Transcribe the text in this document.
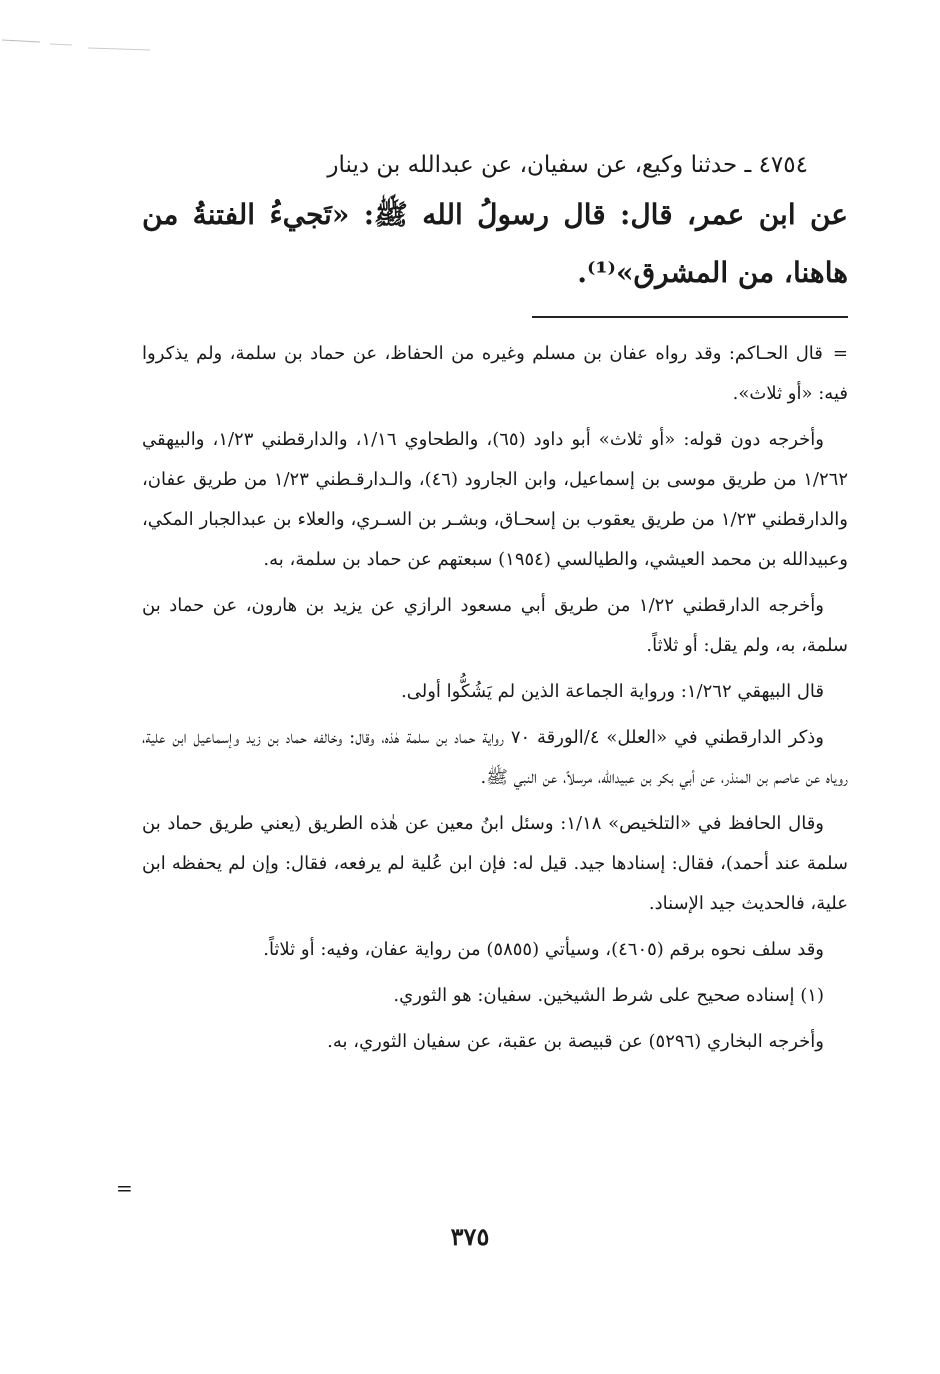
٤٧٥٤ ـ حدثنا وكيع، عن سفيان، عن عبدالله بن دينار

عن ابن عمر، قال: قال رسولُ الله ﷺ: «تَجيءُ الفتنةُ من هاهنا، من المشرق»⁽¹⁾.

=قال الحـاكم: وقد رواه عفان بن مسلم وغيره من الحفاظ، عن حماد بن سلمة، ولم يذكروا فيه: «أو ثلاث».

وأخرجه دون قوله: «أو ثلاث» أبو داود (٦٥)، والطحاوي ١/١٦، والدارقطني ١/٢٣، والبيهقي ١/٢٦٢ من طريق موسى بن إسماعيل، وابن الجارود (٤٦)، والـدارقـطني ١/٢٣ من طريق عفان، والدارقطني ١/٢٣ من طريق يعقوب بن إسحـاق، وبشـر بن السـري، والعلاء بن عبدالجبار المكي، وعبيدالله بن محمد العيشي، والطيالسي (١٩٥٤) سبعتهم عن حماد بن سلمة، به.

وأخرجه الدارقطني ١/٢٢ من طريق أبي مسعود الرازي عن يزيد بن هارون، عن حماد بن سلمة، به، ولم يقل: أو ثلاثاً.

قال البيهقي ١/٢٦٢: ورواية الجماعة الذين لم يَشُكُّوا أولى.

وذكر الدارقطني في «العلل» ٤/الورقة ٧٠ رواية حماد بن سلمة هٰذه، وقال: وخالفه حماد بن زيد وإسماعيل ابن علية، روياه عن عاصم بن المنذر، عن أبي بكر بن عبيدالله، مرسلاً، عن النبي ﷺ.

وقال الحافظ في «التلخيص» ١/١٨: وسئل ابنُ معين عن هٰذه الطريق (يعني طريق حماد بن سلمة عند أحمد)، فقال: إسنادها جيد. قيل له: فإن ابن عُلية لم يرفعه، فقال: وإن لم يحفظه ابن علية، فالحديث جيد الإسناد.

وقد سلف نحوه برقم (٤٦٠٥)، وسيأتي (٥٨٥٥) من رواية عفان، وفيه: أو ثلاثاً.

(١) إسناده صحيح على شرط الشيخين. سفيان: هو الثوري.

وأخرجه البخاري (٥٢٩٦) عن قبيصة بن عقبة، عن سفيان الثوري، به.

=
٣٧٥
